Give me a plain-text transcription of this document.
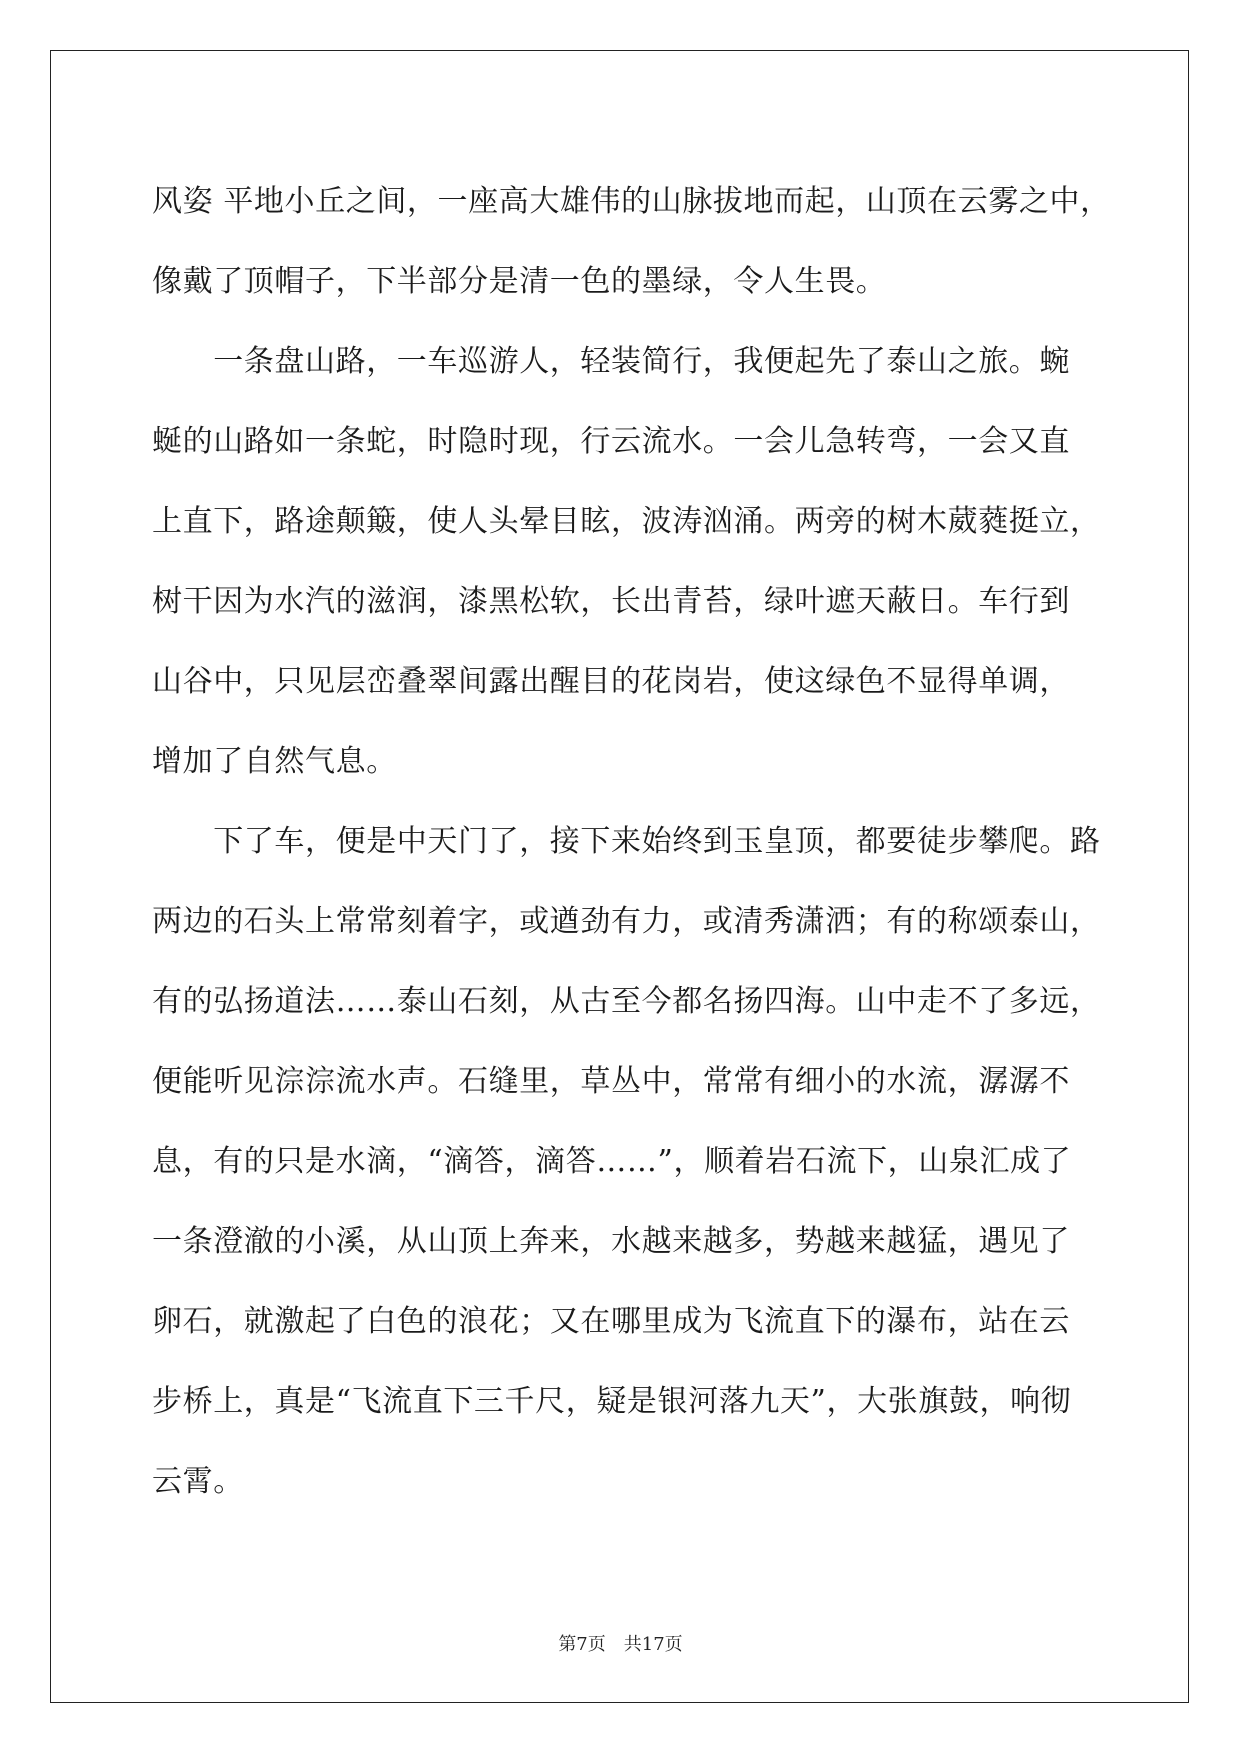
风姿 平地小丘之间，一座高大雄伟的山脉拔地而起，山顶在云雾之中，
像戴了顶帽子，下半部分是清一色的墨绿，令人生畏。
　　一条盘山路，一车巡游人，轻装简行，我便起先了泰山之旅。蜿
蜒的山路如一条蛇，时隐时现，行云流水。一会儿急转弯，一会又直
上直下，路途颠簸，使人头晕目眩，波涛汹涌。两旁的树木葳蕤挺立，
树干因为水汽的滋润，漆黑松软，长出青苔，绿叶遮天蔽日。车行到
山谷中，只见层峦叠翠间露出醒目的花岗岩，使这绿色不显得单调，
增加了自然气息。
　　下了车，便是中天门了，接下来始终到玉皇顶，都要徒步攀爬。路
两边的石头上常常刻着字，或遒劲有力，或清秀潇洒；有的称颂泰山，
有的弘扬道法……泰山石刻，从古至今都名扬四海。山中走不了多远，
便能听见淙淙流水声。石缝里，草丛中，常常有细小的水流，潺潺不
息，有的只是水滴，“滴答，滴答……”，顺着岩石流下，山泉汇成了
一条澄澈的小溪，从山顶上奔来，水越来越多，势越来越猛，遇见了
卵石，就激起了白色的浪花；又在哪里成为飞流直下的瀑布，站在云
步桥上，真是“飞流直下三千尺，疑是银河落九天”，大张旗鼓，响彻
云霄。
第7页　共17页
